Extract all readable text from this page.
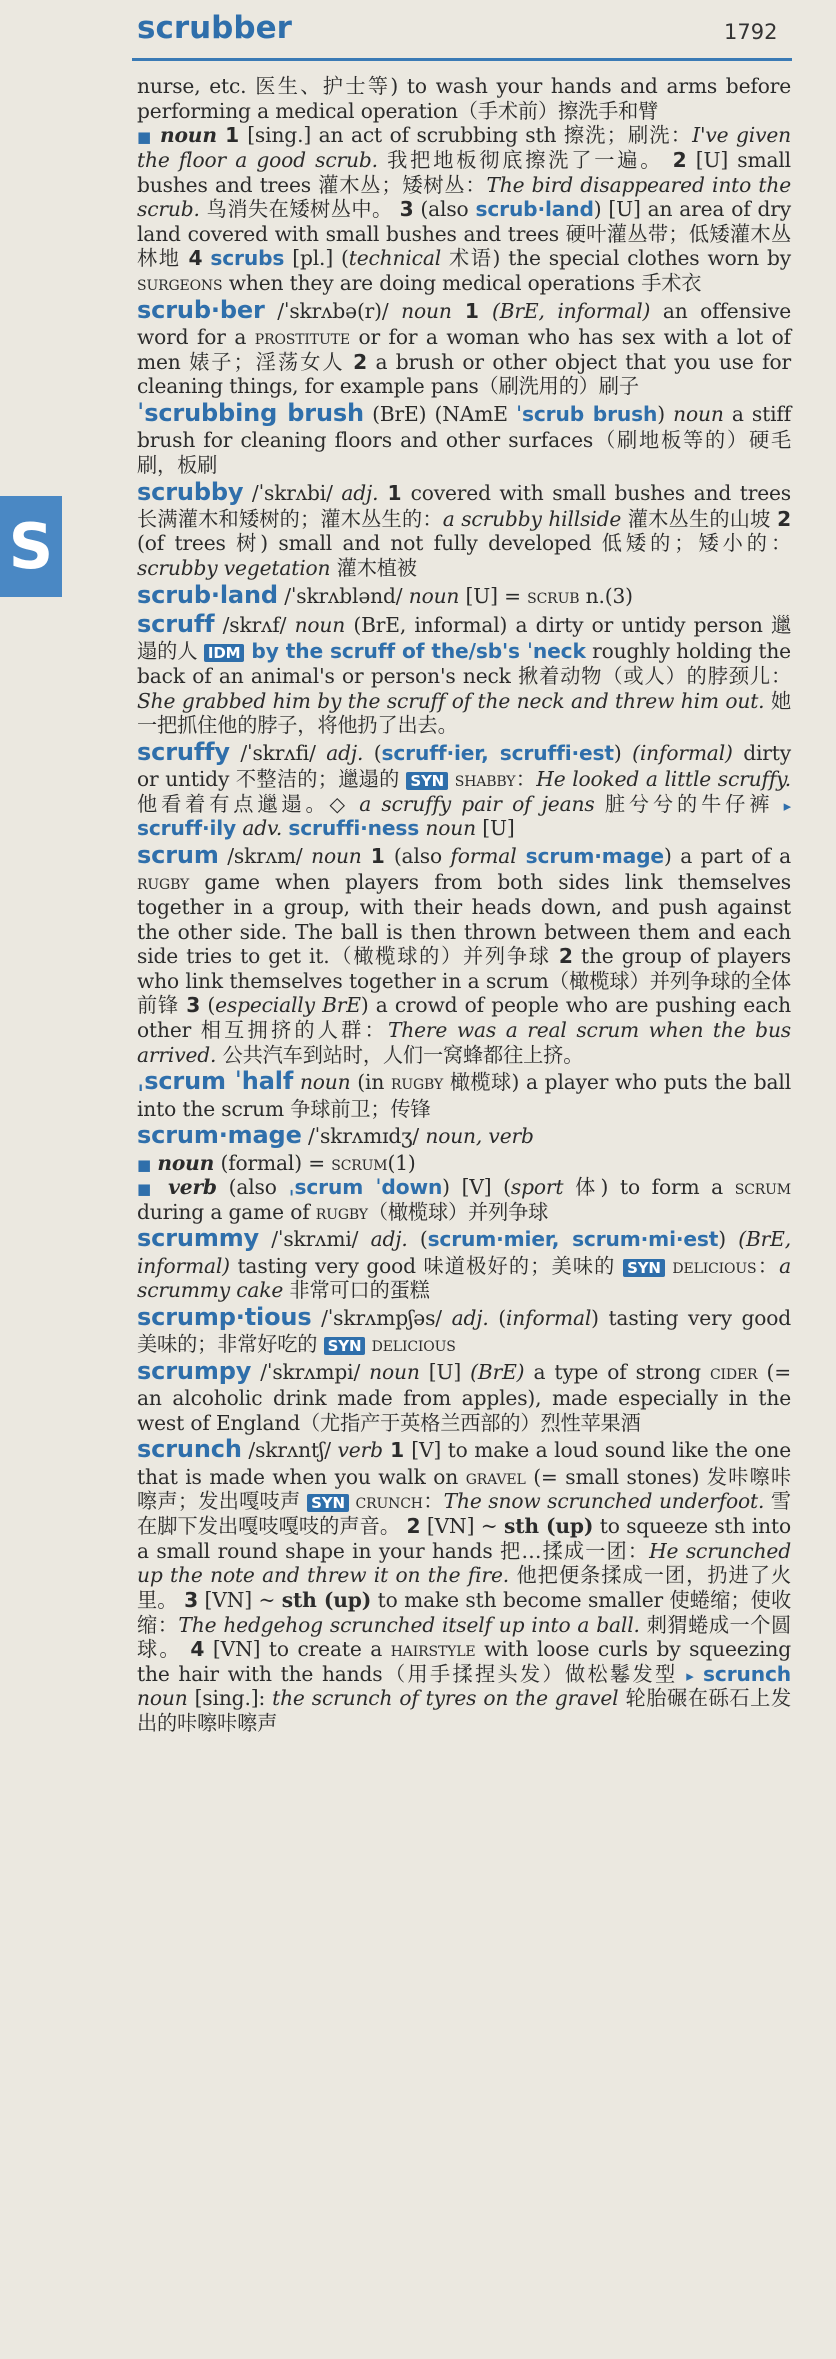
scrubber	1792
S

nurse, etc. 医生、护士等) to wash your hands and arms before performing a medical operation（手术前）擦洗手和臂

■ noun 1 [sing.] an act of scrubbing sth 擦洗；刷洗：I've given the floor a good scrub. 我把地板彻底擦洗了一遍。 2 [U] small bushes and trees 灌木丛；矮树丛：The bird disappeared into the scrub. 鸟消失在矮树丛中。 3 (also scrub·land) [U] an area of dry land covered with small bushes and trees 硬叶灌丛带；低矮灌木丛林地 4 scrubs [pl.] (technical 术语) the special clothes worn by surgeons when they are doing medical operations 手术衣

scrub·ber /ˈskrʌbə(r)/ noun 1 (BrE, informal) an offensive word for a prostitute or for a woman who has sex with a lot of men 婊子；淫荡女人 2 a brush or other object that you use for cleaning things, for example pans（刷洗用的）刷子

ˈscrubbing brush (BrE) (NAmE ˈscrub brush) noun a stiff brush for cleaning floors and other surfaces（刷地板等的）硬毛刷，板刷

scrubby /ˈskrʌbi/ adj. 1 covered with small bushes and trees 长满灌木和矮树的；灌木丛生的：a scrubby hillside 灌木丛生的山坡 2 (of trees 树) small and not fully developed 低矮的；矮小的：scrubby vegetation 灌木植被

scrub·land /ˈskrʌblənd/ noun [U] = scrub n.(3)

scruff /skrʌf/ noun (BrE, informal) a dirty or untidy person 邋遢的人 IDM by the scruff of the/sb's ˈneck roughly holding the back of an animal's or person's neck 揪着动物（或人）的脖颈儿：She grabbed him by the scruff of the neck and threw him out. 她一把抓住他的脖子，将他扔了出去。

scruffy /ˈskrʌfi/ adj. (scruff·ier, scruffi·est) (informal) dirty or untidy 不整洁的；邋遢的 SYN shabby：He looked a little scruffy. 他看着有点邋遢。◇ a scruffy pair of jeans 脏兮兮的牛仔裤 ▸ scruff·ily adv. scruffi·ness noun [U]

scrum /skrʌm/ noun 1 (also formal scrum·mage) a part of a rugby game when players from both sides link themselves together in a group, with their heads down, and push against the other side. The ball is then thrown between them and each side tries to get it.（橄榄球的）并列争球 2 the group of players who link themselves together in a scrum（橄榄球）并列争球的全体前锋 3 (especially BrE) a crowd of people who are pushing each other 相互拥挤的人群：There was a real scrum when the bus arrived. 公共汽车到站时，人们一窝蜂都往上挤。

ˌscrum ˈhalf noun (in rugby 橄榄球) a player who puts the ball into the scrum 争球前卫；传锋

scrum·mage /ˈskrʌmɪdʒ/ noun, verb

■ noun (formal) = scrum(1)

■ verb (also ˌscrum ˈdown) [V] (sport 体) to form a scrum during a game of rugby（橄榄球）并列争球

scrummy /ˈskrʌmi/ adj. (scrum·mier, scrum·mi·est) (BrE, informal) tasting very good 味道极好的；美味的 SYN delicious：a scrummy cake 非常可口的蛋糕

scrump·tious /ˈskrʌmpʃəs/ adj. (informal) tasting very good 美味的；非常好吃的 SYN delicious

scrumpy /ˈskrʌmpi/ noun [U] (BrE) a type of strong cider (= an alcoholic drink made from apples), made especially in the west of England（尤指产于英格兰西部的）烈性苹果酒

scrunch /skrʌntʃ/ verb 1 [V] to make a loud sound like the one that is made when you walk on gravel (= small stones) 发咔嚓咔嚓声；发出嘎吱声 SYN crunch：The snow scrunched underfoot. 雪在脚下发出嘎吱嘎吱的声音。 2 [VN] ~ sth (up) to squeeze sth into a small round shape in your hands 把…揉成一团：He scrunched up the note and threw it on the fire. 他把便条揉成一团，扔进了火里。 3 [VN] ~ sth (up) to make sth become smaller 使蜷缩；使收缩：The hedgehog scrunched itself up into a ball. 刺猬蜷成一个圆球。 4 [VN] to create a hairstyle with loose curls by squeezing the hair with the hands（用手揉捏头发）做松鬈发型 ▸ scrunch noun [sing.]: the scrunch of tyres on the gravel 轮胎碾在砾石上发出的咔嚓咔嚓声
